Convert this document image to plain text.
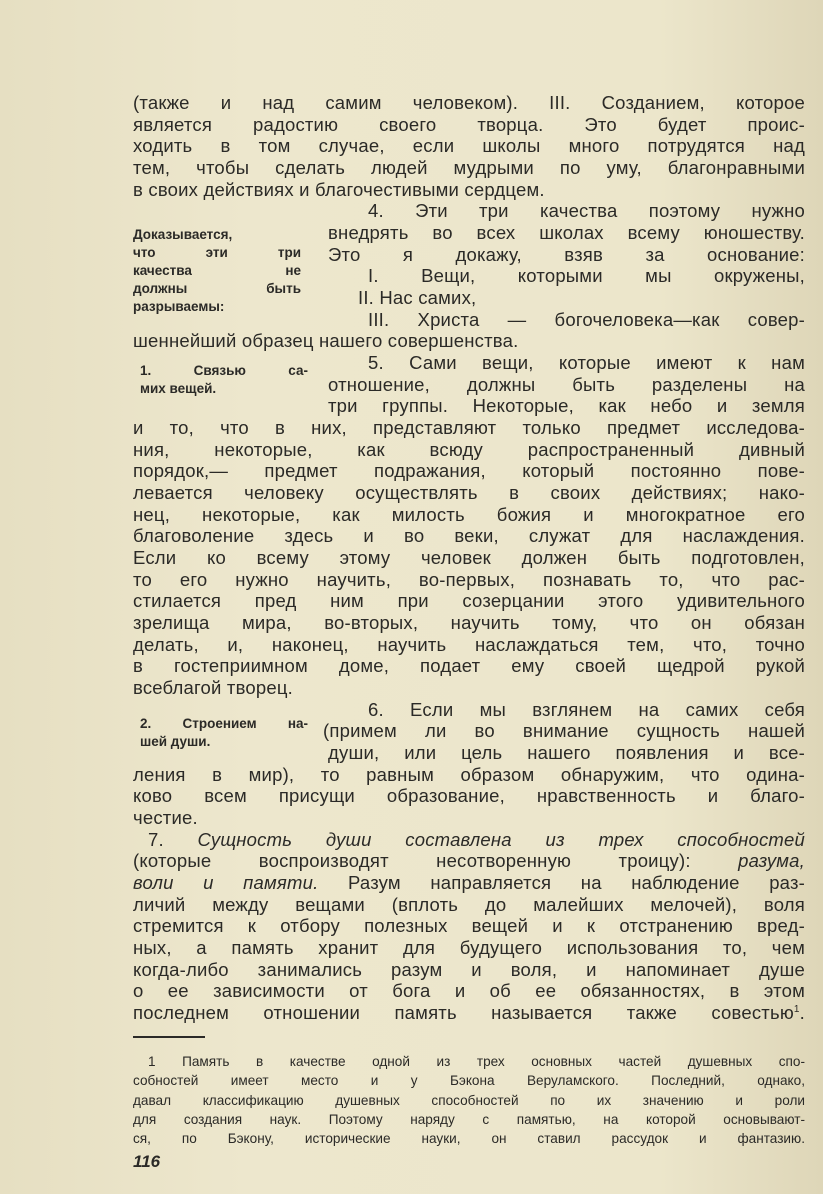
(также и над самим человеком). III. Созданием, которое
является радостию своего творца. Это будет проис-
ходить в том случае, если школы много потрудятся над
тем, чтобы сделать людей мудрыми по уму, благонравными
в своих действиях и благочестивыми сердцем.
4. Эти три качества поэтому нужно
внедрять во всех школах всему юношеству.
Это я докажу, взяв за основание:
I. Вещи, которыми мы окружены,
II. Нас самих,
III. Христа — богочеловека—как совер-
шеннейший образец нашего совершенства.
5. Сами вещи, которые имеют к нам
отношение, должны быть разделены на
три группы. Некоторые, как небо и земля
и то, что в них, представляют только предмет исследова-
ния, некоторые, как всюду распространенный дивный
порядок,— предмет подражания, который постоянно пове-
левается человеку осуществлять в своих действиях; нако-
нец, некоторые, как милость божия и многократное его
благоволение здесь и во веки, служат для наслаждения.
Если ко всему этому человек должен быть подготовлен,
то его нужно научить, во-первых, познавать то, что рас-
стилается пред ним при созерцании этого удивительного
зрелища мира, во-вторых, научить тому, что он обязан
делать, и, наконец, научить наслаждаться тем, что, точно
в гостеприимном доме, подает ему своей щедрой рукой
всеблагой творец.
6. Если мы взглянем на самих себя
(примем ли во внимание сущность нашей
души, или цель нашего появления и все-
ления в мир), то равным образом обнаружим, что одина-
ково всем присущи образование, нравственность и благо-
честие.
7. Сущность души составлена из трех способностей
(которые воспроизводят несотворенную троицу): разума,
воли и памяти. Разум направляется на наблюдение раз-
личий между вещами (вплоть до малейших мелочей), воля
стремится к отбору полезных вещей и к отстранению вред-
ных, а память хранит для будущего использования то, чем
когда-либо занимались разум и воля, и напоминает душе
о ее зависимости от бога и об ее обязанностях, в этом
последнем отношении память называется также совестью$^1$.
Доказывается,
что эти три
качества не
должны быть
разрываемы:
1. Связью са-
мих вещей.
2. Строением на-
шей души.
1 Память в качестве одной из трех основных частей душевных спо-
собностей имеет место и у Бэкона Веруламского. Последний, однако,
давал классификацию душевных способностей по их значению и роли
для создания наук. Поэтому наряду с памятью, на которой основывают-
ся, по Бэкону, исторические науки, он ставил рассудок и фантазию.
116
